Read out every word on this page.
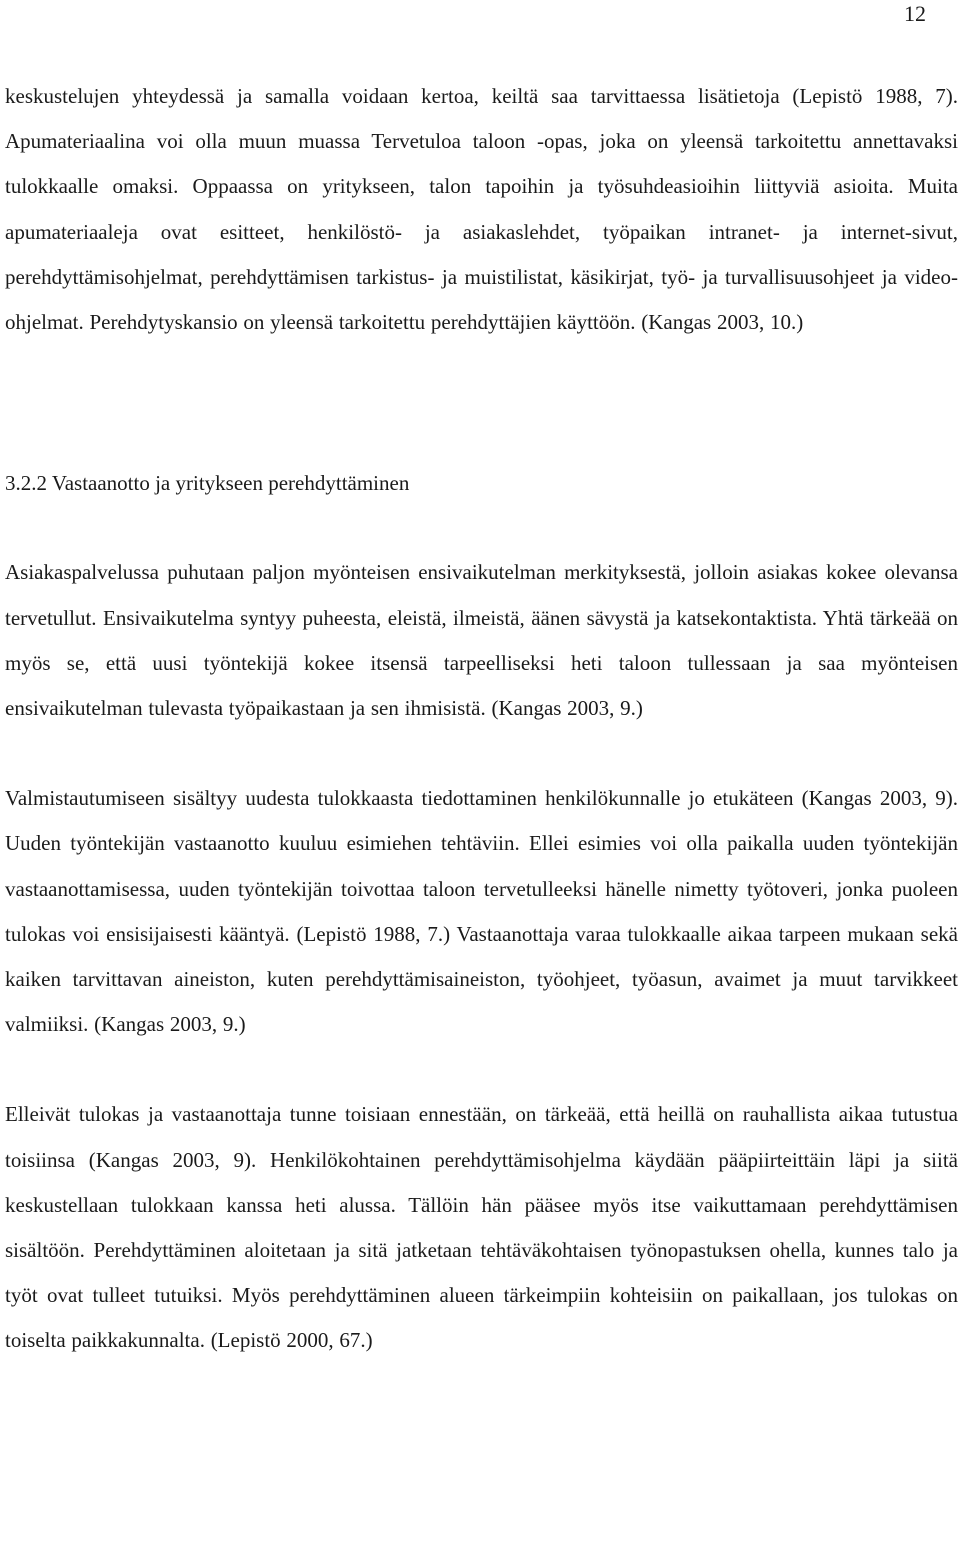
12

keskustelujen yhteydessä ja samalla voidaan kertoa, keiltä saa tarvittaessa lisätietoja (Lepistö 1988, 7). Apumateriaalina voi olla muun muassa Tervetuloa taloon -opas, joka on yleensä tarkoitettu annettavaksi tulokkaalle omaksi. Oppaassa on yritykseen, talon tapoihin ja työsuhdeasioihin liittyviä asioita. Muita apumateriaaleja ovat esitteet, henkilöstö- ja asiakaslehdet, työpaikan intranet- ja internet-sivut, perehdyttämisohjelmat, perehdyttämisen tarkistus- ja muistilistat, käsikirjat, työ- ja turvallisuusohjeet ja video-ohjelmat. Perehdytyskansio on yleensä tarkoitettu perehdyttäjien käyttöön. (Kangas 2003, 10.)

3.2.2 Vastaanotto ja yritykseen perehdyttäminen

Asiakaspalvelussa puhutaan paljon myönteisen ensivaikutelman merkityksestä, jolloin asiakas kokee olevansa tervetullut. Ensivaikutelma syntyy puheesta, eleistä, ilmeistä, äänen sävystä ja katsekontaktista. Yhtä tärkeää on myös se, että uusi työntekijä kokee itsensä tarpeelliseksi heti taloon tullessaan ja saa myönteisen ensivaikutelman tulevasta työpaikastaan ja sen ihmisistä. (Kangas 2003, 9.)

Valmistautumiseen sisältyy uudesta tulokkaasta tiedottaminen henkilökunnalle jo etukäteen (Kangas 2003, 9). Uuden työntekijän vastaanotto kuuluu esimiehen tehtäviin. Ellei esimies voi olla paikalla uuden työntekijän vastaanottamisessa, uuden työntekijän toivottaa taloon tervetulleeksi hänelle nimetty työtoveri, jonka puoleen tulokas voi ensisijaisesti kääntyä. (Lepistö 1988, 7.) Vastaanottaja varaa tulokkaalle aikaa tarpeen mukaan sekä kaiken tarvittavan aineiston, kuten perehdyttämisaineiston, työohjeet, työasun, avaimet ja muut tarvikkeet valmiiksi. (Kangas 2003, 9.)

Elleivät tulokas ja vastaanottaja tunne toisiaan ennestään, on tärkeää, että heillä on rauhallista aikaa tutustua toisiinsa (Kangas 2003, 9). Henkilökohtainen perehdyttämisohjelma käydään pääpiirteittäin läpi ja siitä keskustellaan tulokkaan kanssa heti alussa. Tällöin hän pääsee myös itse vaikuttamaan perehdyttämisen sisältöön. Perehdyttäminen aloitetaan ja sitä jatketaan tehtäväkohtaisen työnopastuksen ohella, kunnes talo ja työt ovat tulleet tutuiksi. Myös perehdyttäminen alueen tärkeimpiin kohteisiin on paikallaan, jos tulokas on toiselta paikkakunnalta. (Lepistö 2000, 67.)
